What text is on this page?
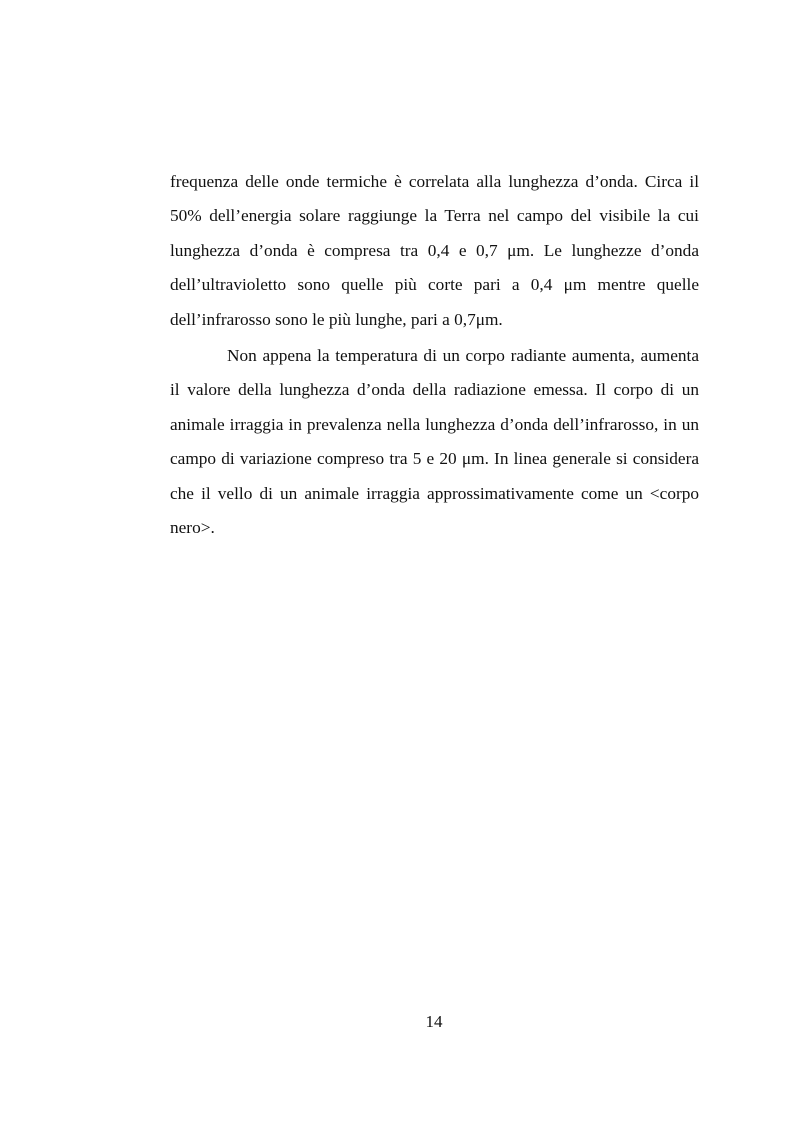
frequenza delle onde termiche è correlata alla lunghezza d’onda. Circa il 50% dell’energia solare raggiunge la Terra nel campo del visibile la cui lunghezza d’onda è compresa tra 0,4 e 0,7 μm. Le lunghezze d’onda dell’ultravioletto sono quelle più corte pari a 0,4 μm mentre quelle dell’infrarosso sono le più lunghe, pari a 0,7μm.

Non appena la temperatura di un corpo radiante aumenta, aumenta il valore della lunghezza d’onda della radiazione emessa. Il corpo di un animale irraggia in prevalenza nella lunghezza d’onda dell’infrarosso, in un campo di variazione compreso tra 5 e 20 μm. In linea generale si considera che il vello di un animale irraggia approssimativamente come un <corpo nero>.

14
